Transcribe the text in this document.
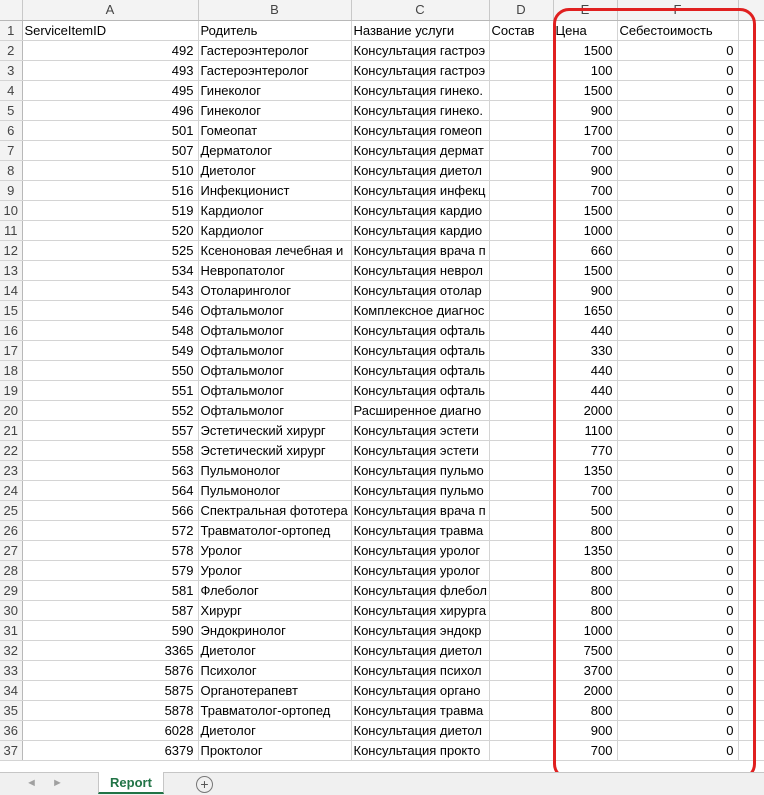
	A	B	C	D	E	F	
1	ServiceItemID	Родитель	Название услуги	Состав	Цена	Себестоимость	
2	492	Гастероэнтеролог	Консультация гастроэ		1500	0	
3	493	Гастероэнтеролог	Консультация гастроэ		100	0	
4	495	Гинеколог	Консультация гинеко.		1500	0	
5	496	Гинеколог	Консультация гинеко.		900	0	
6	501	Гомеопат	Консультация гомеоп		1700	0	
7	507	Дерматолог	Консультация дермат		700	0	
8	510	Диетолог	Консультация диетол		900	0	
9	516	Инфекционист	Консультация инфекц		700	0	
10	519	Кардиолог	Консультация кардио		1500	0	
11	520	Кардиолог	Консультация кардио		1000	0	
12	525	Ксеноновая лечебная и	Консультация врача п		660	0	
13	534	Невропатолог	Консультация неврол		1500	0	
14	543	Отоларинголог	Консультация отолар		900	0	
15	546	Офтальмолог	Комплексное диагнос		1650	0	
16	548	Офтальмолог	Консультация офталь		440	0	
17	549	Офтальмолог	Консультация офталь		330	0	
18	550	Офтальмолог	Консультация офталь		440	0	
19	551	Офтальмолог	Консультация офталь		440	0	
20	552	Офтальмолог	Расширенное диагно		2000	0	
21	557	Эстетический хирург	Консультация эстети		1100	0	
22	558	Эстетический хирург	Консультация эстети		770	0	
23	563	Пульмонолог	Консультация пульмо		1350	0	
24	564	Пульмонолог	Консультация пульмо		700	0	
25	566	Спектральная фототера	Консультация врача п		500	0	
26	572	Травматолог-ортопед	Консультация травма		800	0	
27	578	Уролог	Консультация уролог		1350	0	
28	579	Уролог	Консультация уролог		800	0	
29	581	Флеболог	Консультация флебол		800	0	
30	587	Хирург	Консультация хирурга		800	0	
31	590	Эндокринолог	Консультация эндокр		1000	0	
32	3365	Диетолог	Консультация диетол		7500	0	
33	5876	Психолог	Консультация психол		3700	0	
34	5875	Органотерапевт	Консультация органо		2000	0	
35	5878	Травматолог-ортопед	Консультация травма		800	0	
36	6028	Диетолог	Консультация диетол		900	0	
37	6379	Проктолог	Консультация прокто		700	0	
◄ ►	Report	+
